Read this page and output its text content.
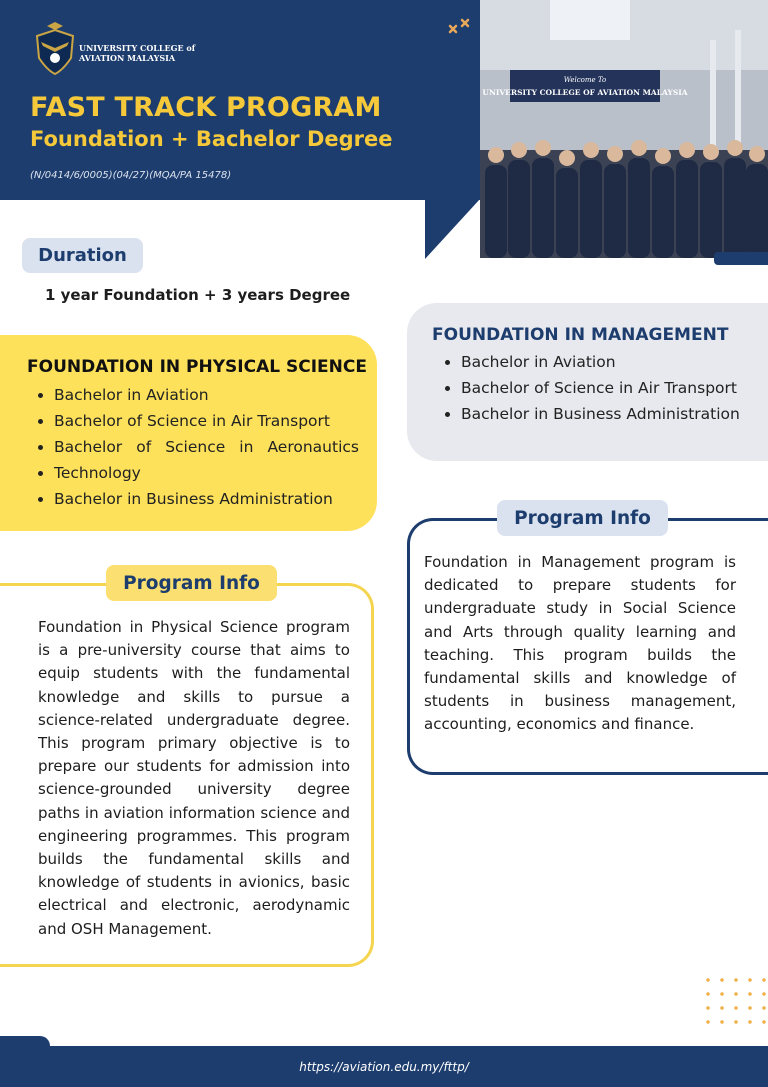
UNIVERSITY COLLEGE of
AVIATION MALAYSIA
FAST TRACK PROGRAM
Foundation + Bachelor Degree
(N/0414/6/0005)(04/27)(MQA/PA 15478)
Welcome To
UNIVERSITY COLLEGE OF AVIATION MALAYSIA
Duration
1 year Foundation + 3 years Degree
FOUNDATION IN PHYSICAL SCIENCE
Bachelor in Aviation
Bachelor of Science in Air Transport
Bachelor of Science in Aeronautics
Technology
Bachelor in Business Administration
FOUNDATION IN MANAGEMENT
Bachelor in Aviation
Bachelor of Science in Air Transport
Bachelor in Business Administration
Program Info
Foundation in Management program is dedicated to prepare students for undergraduate study in Social Science and Arts through quality learning and teaching. This program builds the fundamental skills and knowledge of students in business management, accounting, economics and finance.
Program Info
Foundation in Physical Science program is a pre-university course that aims to equip students with the fundamental knowledge and skills to pursue a science-related undergraduate degree. This program primary objective is to prepare our students for admission into science-grounded university degree paths in aviation information science and engineering programmes. This program builds the fundamental skills and knowledge of students in avionics, basic electrical and electronic, aerodynamic and OSH Management.
https://aviation.edu.my/fttp/
